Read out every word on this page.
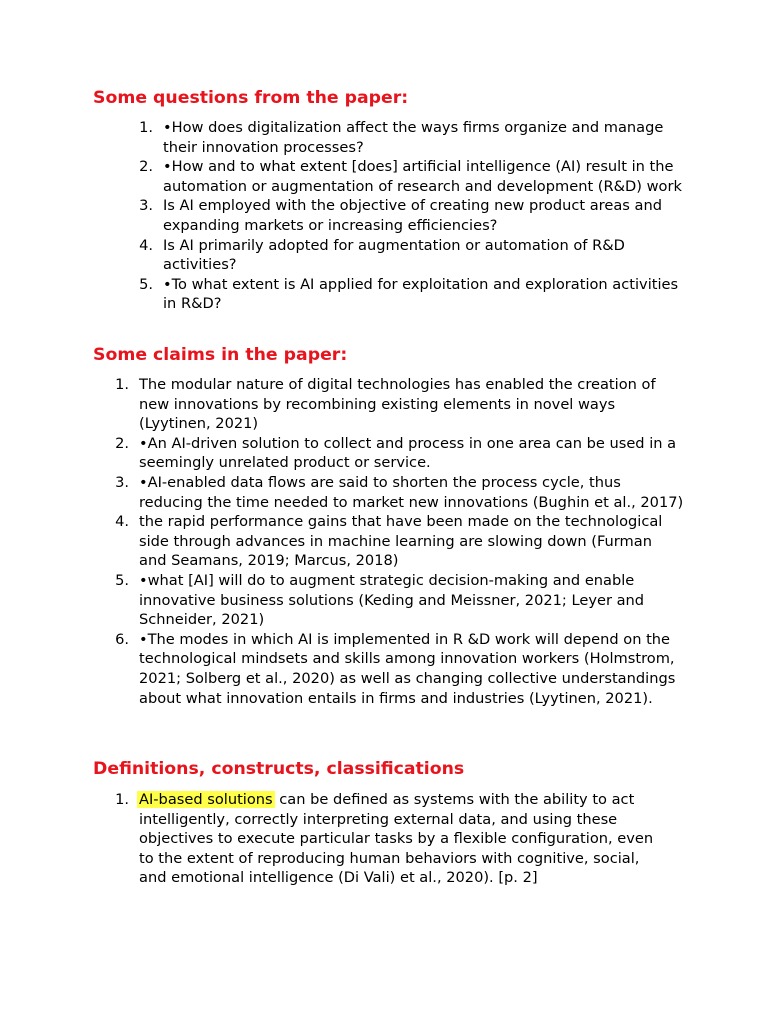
Some questions from the paper:
1. •How does digitalization affect the ways firms organize and manage their innovation processes?
2. •How and to what extent [does] artificial intelligence (AI) result in the automation or augmentation of research and development (R&D) work
3. Is AI employed with the objective of creating new product areas and expanding markets or increasing efficiencies?
4. Is AI primarily adopted for augmentation or automation of R&D activities?
5. •To what extent is AI applied for exploitation and exploration activities in R&D?
Some claims in the paper:
1. The modular nature of digital technologies has enabled the creation of new innovations by recombining existing elements in novel ways (Lyytinen, 2021)
2. •An AI-driven solution to collect and process in one area can be used in a seemingly unrelated product or service.
3. •AI-enabled data flows are said to shorten the process cycle, thus reducing the time needed to market new innovations (Bughin et al., 2017)
4. the rapid performance gains that have been made on the technological side through advances in machine learning are slowing down (Furman and Seamans, 2019; Marcus, 2018)
5. •what [AI] will do to augment strategic decision-making and enable innovative business solutions (Keding and Meissner, 2021; Leyer and Schneider, 2021)
6. •The modes in which AI is implemented in R &D work will depend on the technological mindsets and skills among innovation workers (Holmstrom, 2021; Solberg et al., 2020) as well as changing collective understandings about what innovation entails in firms and industries (Lyytinen, 2021).
Definitions, constructs, classifications
1. AI-based solutions can be defined as systems with the ability to act intelligently, correctly interpreting external data, and using these objectives to execute particular tasks by a flexible configuration, even to the extent of reproducing human behaviors with cognitive, social, and emotional intelligence (Di Vali) et al., 2020). [p. 2]
